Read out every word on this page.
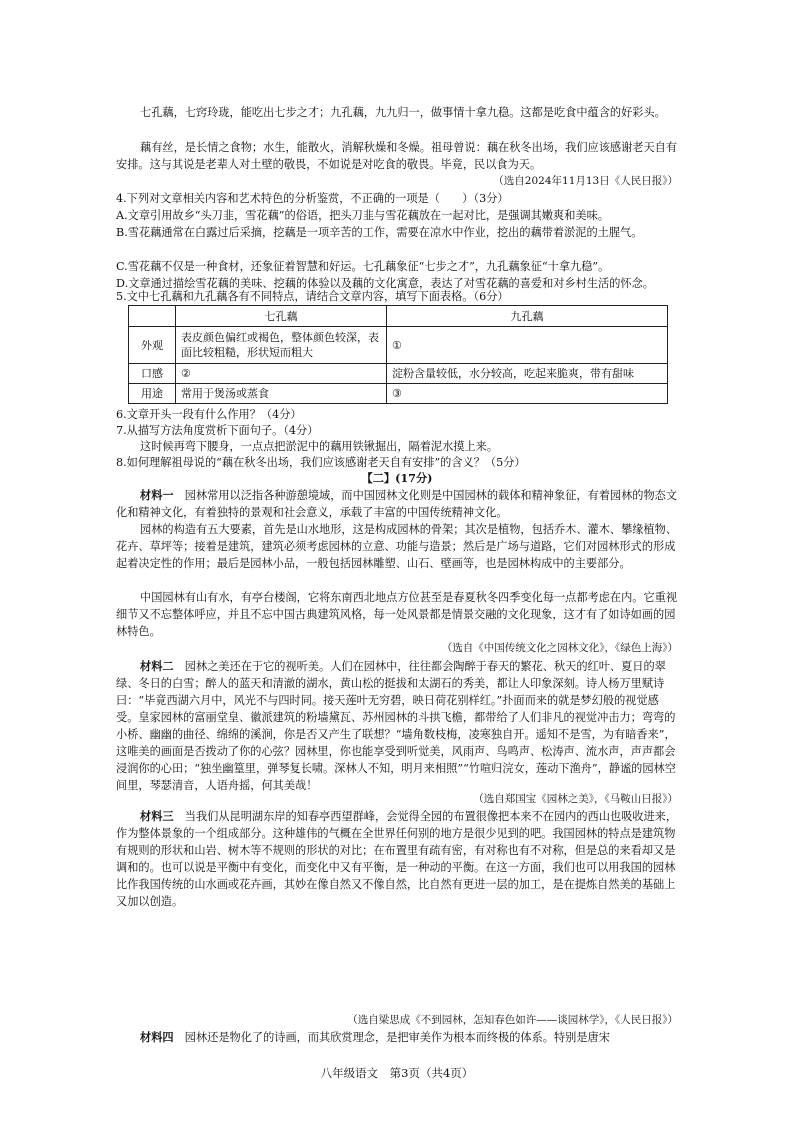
七孔藕，七窍玲珑，能吃出七步之才；九孔藕，九九归一，做事情十拿九稳。这都是吃食中蕴含的好彩头。

藕有丝，是长情之食物；水生，能散火，消解秋燥和冬燥。祖母曾说：藕在秋冬出场，我们应该感谢老天自有安排。这与其说是老辈人对土壁的敬畏，不如说是对吃食的敬畏。毕竟，民以食为天。

（选自2024年11月13日《人民日报》）

4.下列对文章相关内容和艺术特色的分析鉴赏，不正确的一项是（　　）（3分）

A.文章引用故乡“头刀韭，雪花藕”的俗语，把头刀韭与雪花藕放在一起对比，是强调其嫩爽和美味。

B.雪花藕通常在白露过后采摘，挖藕是一项辛苦的工作，需要在凉水中作业，挖出的藕带着淤泥的土腥气。

C.雪花藕不仅是一种食材，还象征着智慧和好运。七孔藕象征“七步之才”，九孔藕象征“十拿九稳”。

D.文章通过描绘雪花藕的美味、挖藕的体验以及藕的文化寓意，表达了对雪花藕的喜爱和对乡村生活的怀念。

5.文中七孔藕和九孔藕各有不同特点，请结合文章内容，填写下面表格。（6分）

	七孔藕	九孔藕
外观	表皮颜色偏红或褐色，整体颜色较深，表面比较粗糙，形状短而粗大	①
口感	②	淀粉含量较低，水分较高，吃起来脆爽，带有甜味
用途	常用于煲汤或蒸食	③

6.文章开头一段有什么作用？（4分）

7.从描写方法角度赏析下面句子。（4分）

这时候再弯下腰身，一点点把淤泥中的藕用铁锹掘出，隔着泥水摸上来。

8.如何理解祖母说的“藕在秋冬出场，我们应该感谢老天自有安排”的含义？（5分）

【二】(17分)

材料一　 园林常用以泛指各种游憩境域，而中国园林文化则是中国园林的载体和精神象征，有着园林的物态文化和精神文化，有着独特的景观和社会意义，承载了丰富的中国传统精神文化。

园林的构造有五大要素，首先是山水地形，这是构成园林的骨架；其次是植物，包括乔木、灌木、攀缘植物、花卉、草坪等；接着是建筑，建筑必须考虑园林的立意、功能与造景；然后是广场与道路，它们对园林形式的形成起着决定性的作用；最后是园林小品，一般包括园林雕塑、山石、壁画等，也是园林构成中的主要部分。

中国园林有山有水，有亭台楼阁，它将东南西北地点方位甚至是春夏秋冬四季变化每一点都考虑在内。它重视细节又不忘整体呼应，并且不忘中国古典建筑风格，每一处风景都是情景交融的文化现象，这才有了如诗如画的园林特色。

（选自《中国传统文化之园林文化》，《绿色上海》）

材料二　 园林之美还在于它的视听美。人们在园林中，往往都会陶醉于春天的繁花、秋天的红叶、夏日的翠绿、冬日的白雪；醉人的蓝天和清澈的湖水，黄山松的挺拔和太湖石的秀美，都让人印象深刻。诗人杨万里赋诗曰：“毕竟西湖六月中，风光不与四时同。接天莲叶无穷碧，映日荷花别样红。”扑面而来的就是梦幻般的视觉感受。皇家园林的富丽堂皇、徽派建筑的粉墙黛瓦、苏州园林的斗拱飞檐，都带给了人们非凡的视觉冲击力；弯弯的小桥、幽幽的曲径、绵绵的溪涧，你是否又产生了联想？“墙角数枝梅，凌寒独自开。遥知不是雪，为有暗香来”，这唯美的画面是否拨动了你的心弦？园林里，你也能享受到听觉美，风雨声、鸟鸣声、松涛声、流水声，声声都会浸润你的心田；“独坐幽篁里，弹琴复长啸。深林人不知，明月来相照”“竹喧归浣女，莲动下渔舟”，静谧的园林空间里，琴瑟清音，人语舟摇，何其美哉！

（选自郑国宝《园林之美》，《马鞍山日报》）

材料三　 当我们从昆明湖东岸的知春亭西望群峰，会觉得全园的布置很像把本来不在园内的西山也吸收进来，作为整体景象的一个组成部分。这种雄伟的气概在全世界任何别的地方是很少见到的吧。我国园林的特点是建筑物有规则的形状和山岩、树木等不规则的形状的对比；在布置里有疏有密，有对称也有不对称，但是总的来看却又是调和的。也可以说是平衡中有变化，而变化中又有平衡，是一种动的平衡。在这一方面，我们也可以用我国的园林比作我国传统的山水画或花卉画，其妙在像自然又不像自然，比自然有更进一层的加工，是在提炼自然美的基础上又加以创造。

（选自梁思成《不到园林，怎知春色如许——谈园林学》，《人民日报》）

材料四　 园林还是物化了的诗画，而其欣赏理念，是把审美作为根本而终极的体系。特别是唐宋

八年级语文　第3页（共4页）
